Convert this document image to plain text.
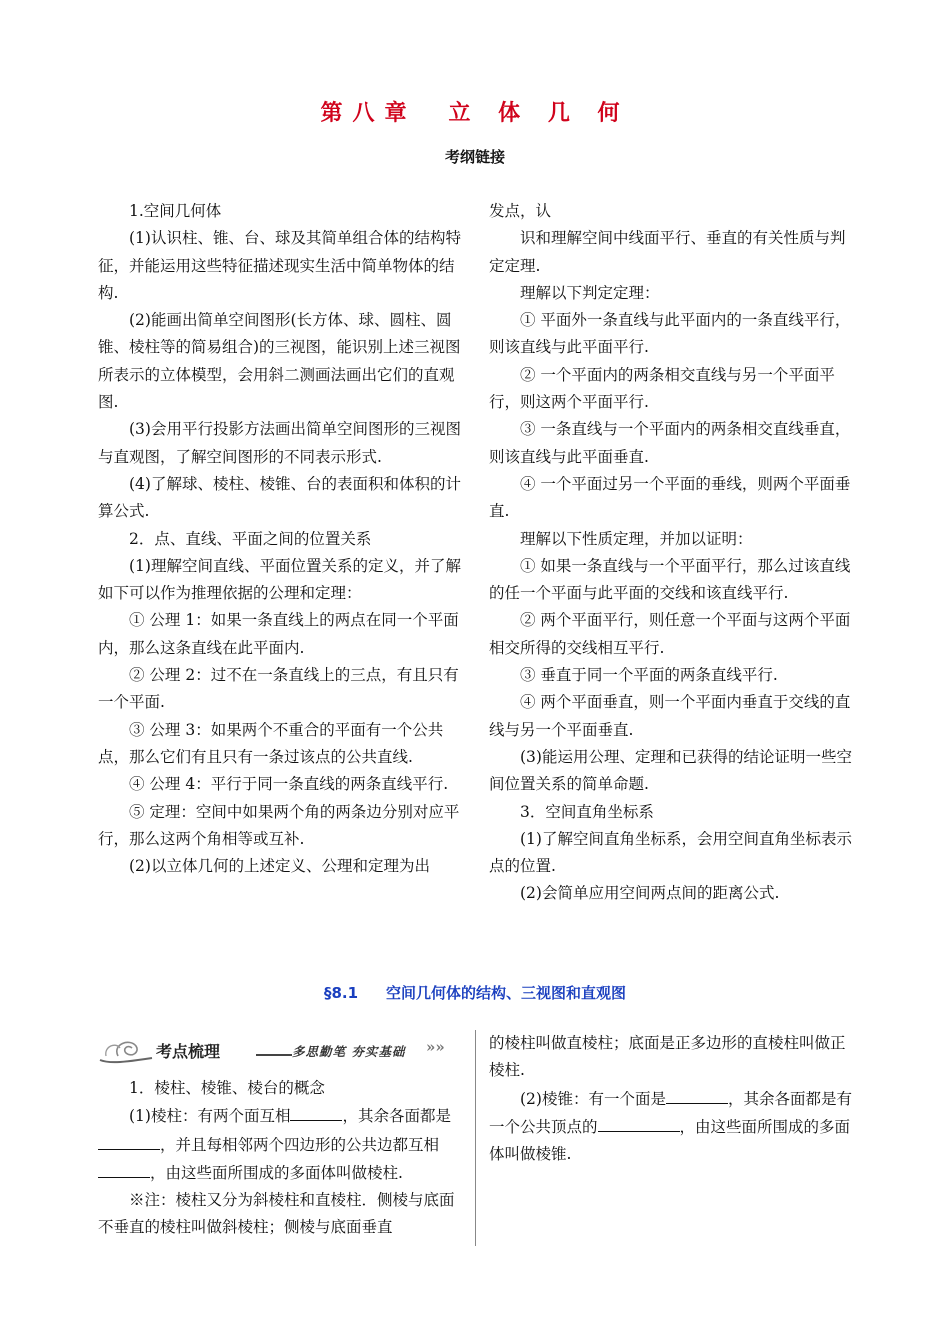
第八章 立 体 几 何
考纲链接

1.空间几何体

(1)认识柱、锥、台、球及其简单组合体的结构特征，并能运用这些特征描述现实生活中简单物体的结构.

(2)能画出简单空间图形(长方体、球、圆柱、圆锥、棱柱等的简易组合)的三视图，能识别上述三视图所表示的立体模型，会用斜二测画法画出它们的直观图.

(3)会用平行投影方法画出简单空间图形的三视图与直观图，了解空间图形的不同表示形式.

(4)了解球、棱柱、棱锥、台的表面积和体积的计算公式.

2．点、直线、平面之间的位置关系

(1)理解空间直线、平面位置关系的定义，并了解如下可以作为推理依据的公理和定理：

① 公理 1：如果一条直线上的两点在同一个平面内，那么这条直线在此平面内.

② 公理 2：过不在一条直线上的三点，有且只有一个平面.

③ 公理 3：如果两个不重合的平面有一个公共点，那么它们有且只有一条过该点的公共直线.

④ 公理 4：平行于同一条直线的两条直线平行.

⑤ 定理：空间中如果两个角的两条边分别对应平行，那么这两个角相等或互补.

(2)以立体几何的上述定义、公理和定理为出

发点，认

识和理解空间中线面平行、垂直的有关性质与判定定理.

理解以下判定定理：

① 平面外一条直线与此平面内的一条直线平行，则该直线与此平面平行.

② 一个平面内的两条相交直线与另一个平面平行，则这两个平面平行.

③ 一条直线与一个平面内的两条相交直线垂直，则该直线与此平面垂直.

④ 一个平面过另一个平面的垂线，则两个平面垂直.

理解以下性质定理，并加以证明：

① 如果一条直线与一个平面平行，那么过该直线的任一个平面与此平面的交线和该直线平行.

② 两个平面平行，则任意一个平面与这两个平面相交所得的交线相互平行.

③ 垂直于同一个平面的两条直线平行.

④ 两个平面垂直，则一个平面内垂直于交线的直线与另一个平面垂直.

(3)能运用公理、定理和已获得的结论证明一些空间位置关系的简单命题.

3．空间直角坐标系

(1)了解空间直角坐标系，会用空间直角坐标表示点的位置.

(2)会简单应用空间两点间的距离公式.

§8.1 空间几何体的结构、三视图和直观图
考点梳理	多思勤笔 夯实基础 »»

1．棱柱、棱锥、棱台的概念

(1)棱柱：有两个面互相	，其余各面都是，并且每相邻两个四边形的公共边都互相，由这些面所围成的多面体叫做棱柱.

※注：棱柱又分为斜棱柱和直棱柱．侧棱与底面不垂直的棱柱叫做斜棱柱；侧棱与底面垂直

的棱柱叫做直棱柱；底面是正多边形的直棱柱叫做正棱柱.

(2)棱锥：有一个面是	，其余各面都是有一个公共顶点的	，由这些面所围成的多面体叫做棱锥.
